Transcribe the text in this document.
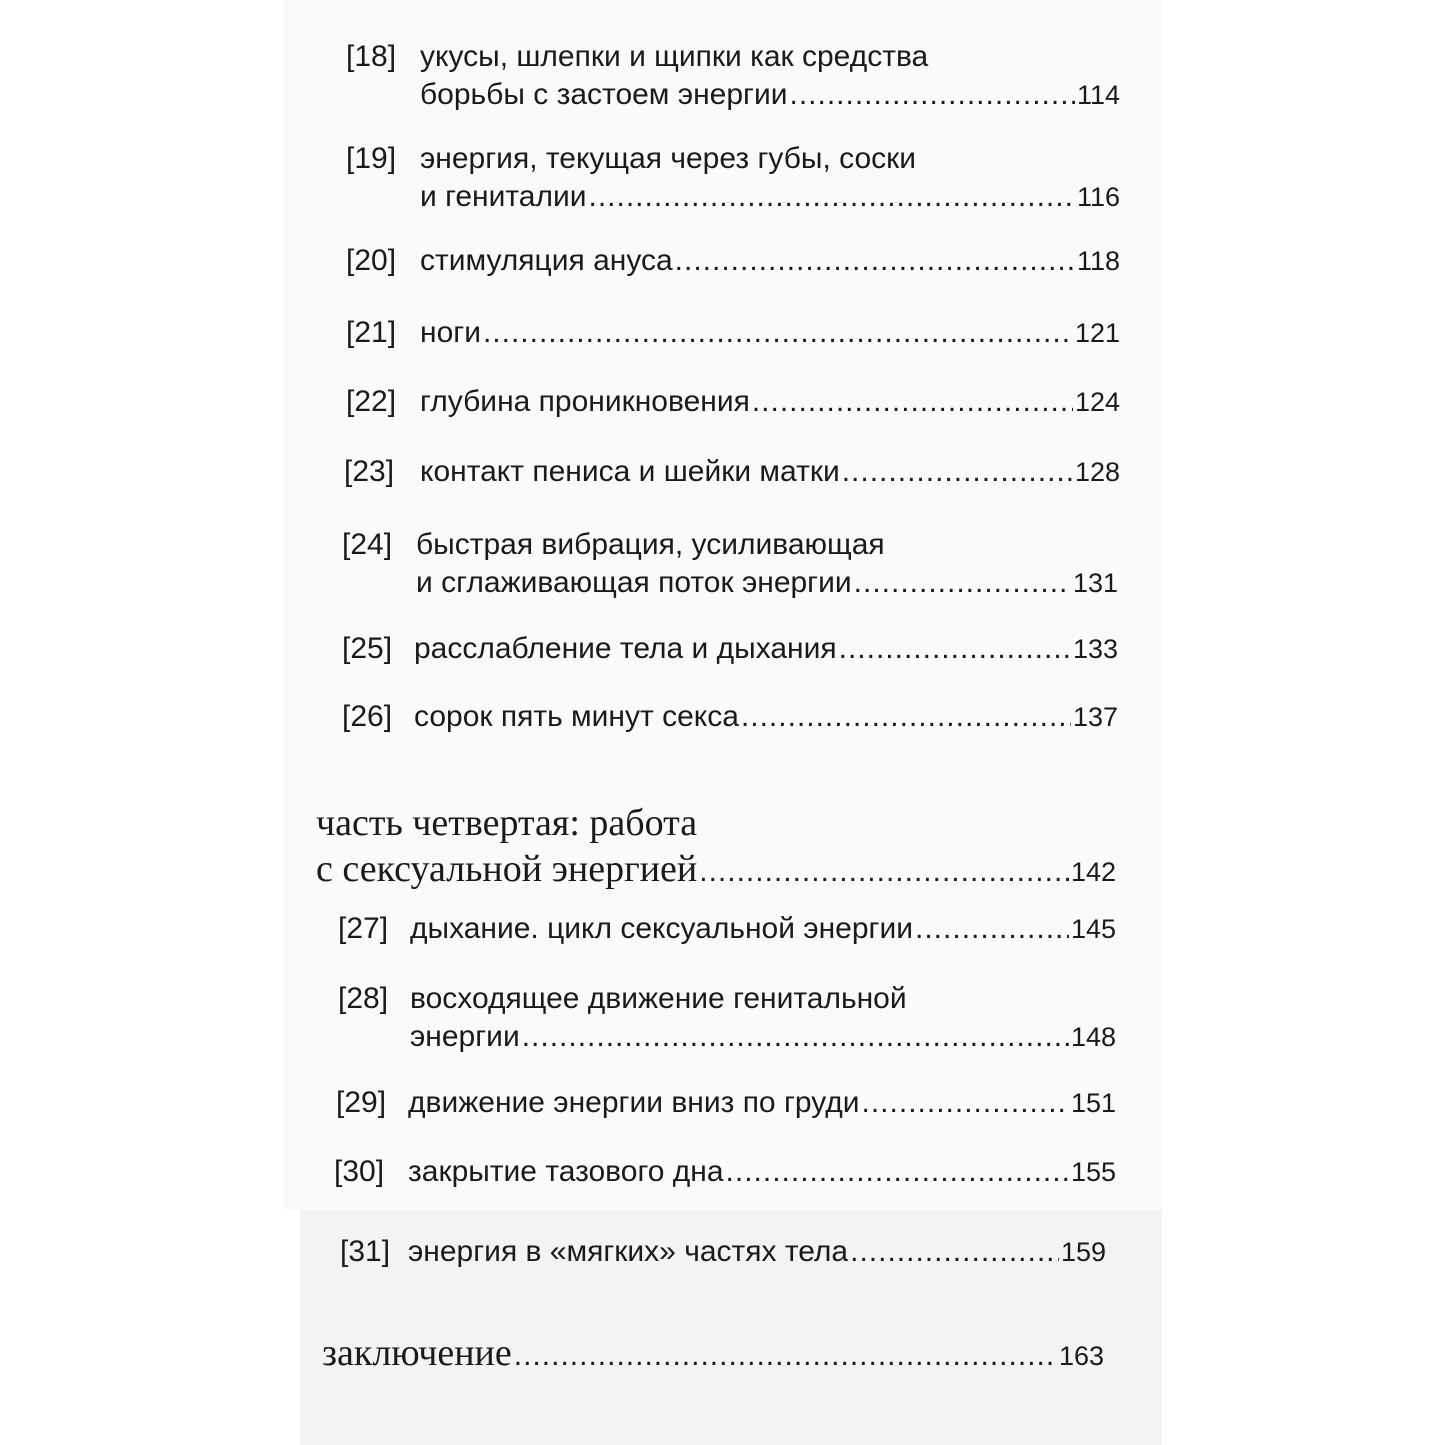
[18] укусы, шлепки и щипки как средства
борьбы с застоем энергии .....	114
[19] энергия, текущая через губы, соски
и гениталии .....	116
[20] стимуляция ануса .....	118
[21] ноги .....	121
[22] глубина проникновения .....	124
[23] контакт пениса и шейки матки .....	128
[24] быстрая вибрация, усиливающая
и сглаживающая поток энергии .....	131
[25] расслабление тела и дыхания .....	133
[26] сорок пять минут секса .....	137
часть четвертая: работа
с сексуальной энергией .....	142
[27] дыхание. цикл сексуальной энергии .....	145
[28] восходящее движение генитальной
энергии .....	148
[29] движение энергии вниз по груди .....	151
[30] закрытие тазового дна .....	155
[31] энергия в «мягких» частях тела .....	159
заключение .....	163
